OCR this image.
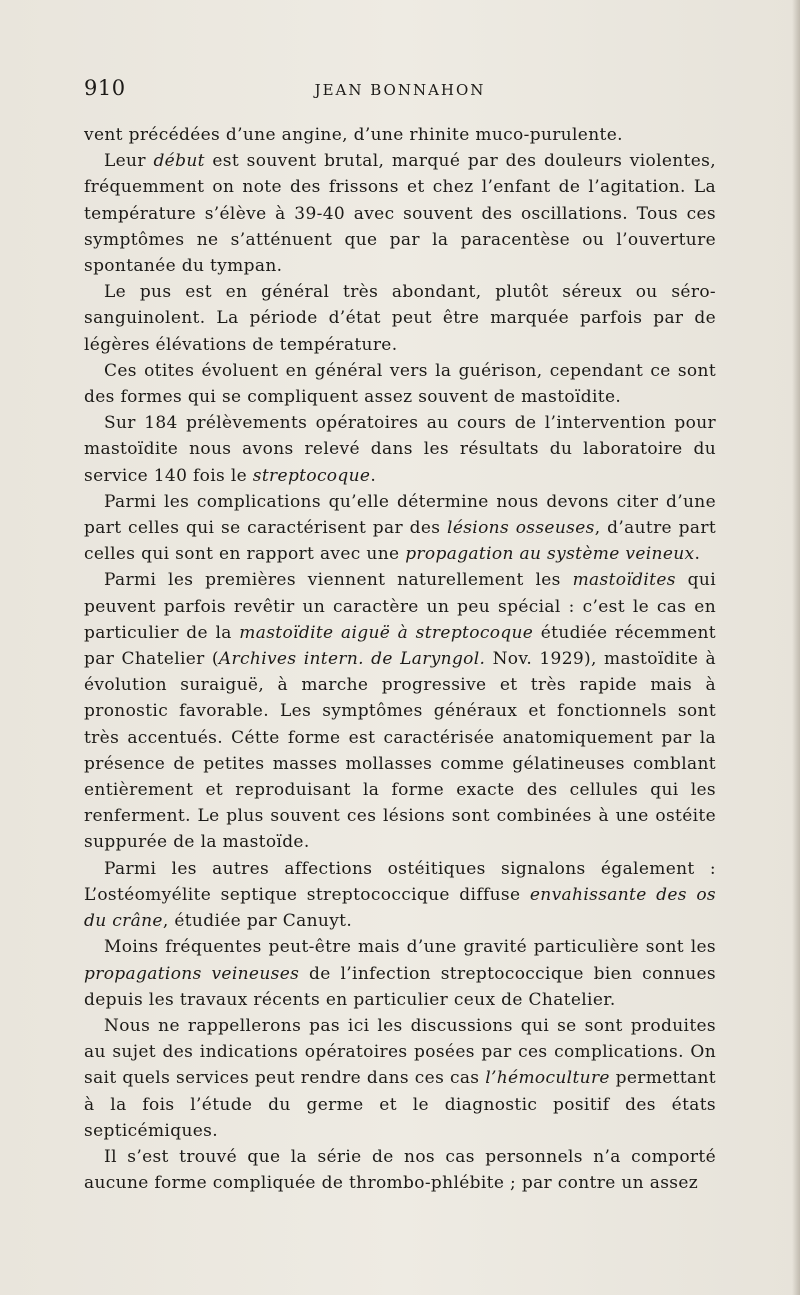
910	JEAN BONNAHON

vent précédées d’une angine, d’une rhinite muco-purulente.

Leur début est souvent brutal, marqué par des douleurs violentes, fréquemment on note des frissons et chez l’enfant de l’agitation. La température s’élève à 39-40 avec souvent des oscillations. Tous ces symptômes ne s’atténuent que par la paracentèse ou l’ouverture spontanée du tympan.

Le pus est en général très abondant, plutôt séreux ou séro-sanguinolent. La période d’état peut être marquée parfois par de légères élévations de température.

Ces otites évoluent en général vers la guérison, cependant ce sont des formes qui se compliquent assez souvent de mastoïdite.

Sur 184 prélèvements opératoires au cours de l’intervention pour mastoïdite nous avons relevé dans les résultats du laboratoire du service 140 fois le streptocoque.

Parmi les complications qu’elle détermine nous devons citer d’une part celles qui se caractérisent par des lésions osseuses, d’autre part celles qui sont en rapport avec une propagation au système veineux.

Parmi les premières viennent naturellement les mastoïdites qui peuvent parfois revêtir un caractère un peu spécial : c’est le cas en particulier de la mastoïdite aiguë à streptocoque étudiée récemment par Chatelier (Archives intern. de Laryngol. Nov. 1929), mastoïdite à évolution suraiguë, à marche progressive et très rapide mais à pronostic favorable. Les symptômes généraux et fonctionnels sont très accentués. Cétte forme est caractérisée anatomiquement par la présence de petites masses mollasses comme gélatineuses comblant entièrement et reproduisant la forme exacte des cellules qui les renferment. Le plus souvent ces lésions sont combinées à une ostéite suppurée de la mastoïde.

Parmi les autres affections ostéitiques signalons également : L’ostéomyélite septique streptococcique diffuse envahissante des os du crâne, étudiée par Canuyt.

Moins fréquentes peut-être mais d’une gravité particulière sont les propagations veineuses de l’infection streptococcique bien connues depuis les travaux récents en particulier ceux de Chatelier.

Nous ne rappellerons pas ici les discussions qui se sont produites au sujet des indications opératoires posées par ces complications. On sait quels services peut rendre dans ces cas l’hémoculture permettant à la fois l’étude du germe et le diagnostic positif des états septicémiques.

Il s’est trouvé que la série de nos cas personnels n’a comporté aucune forme compliquée de thrombo-phlébite ; par contre un assez
